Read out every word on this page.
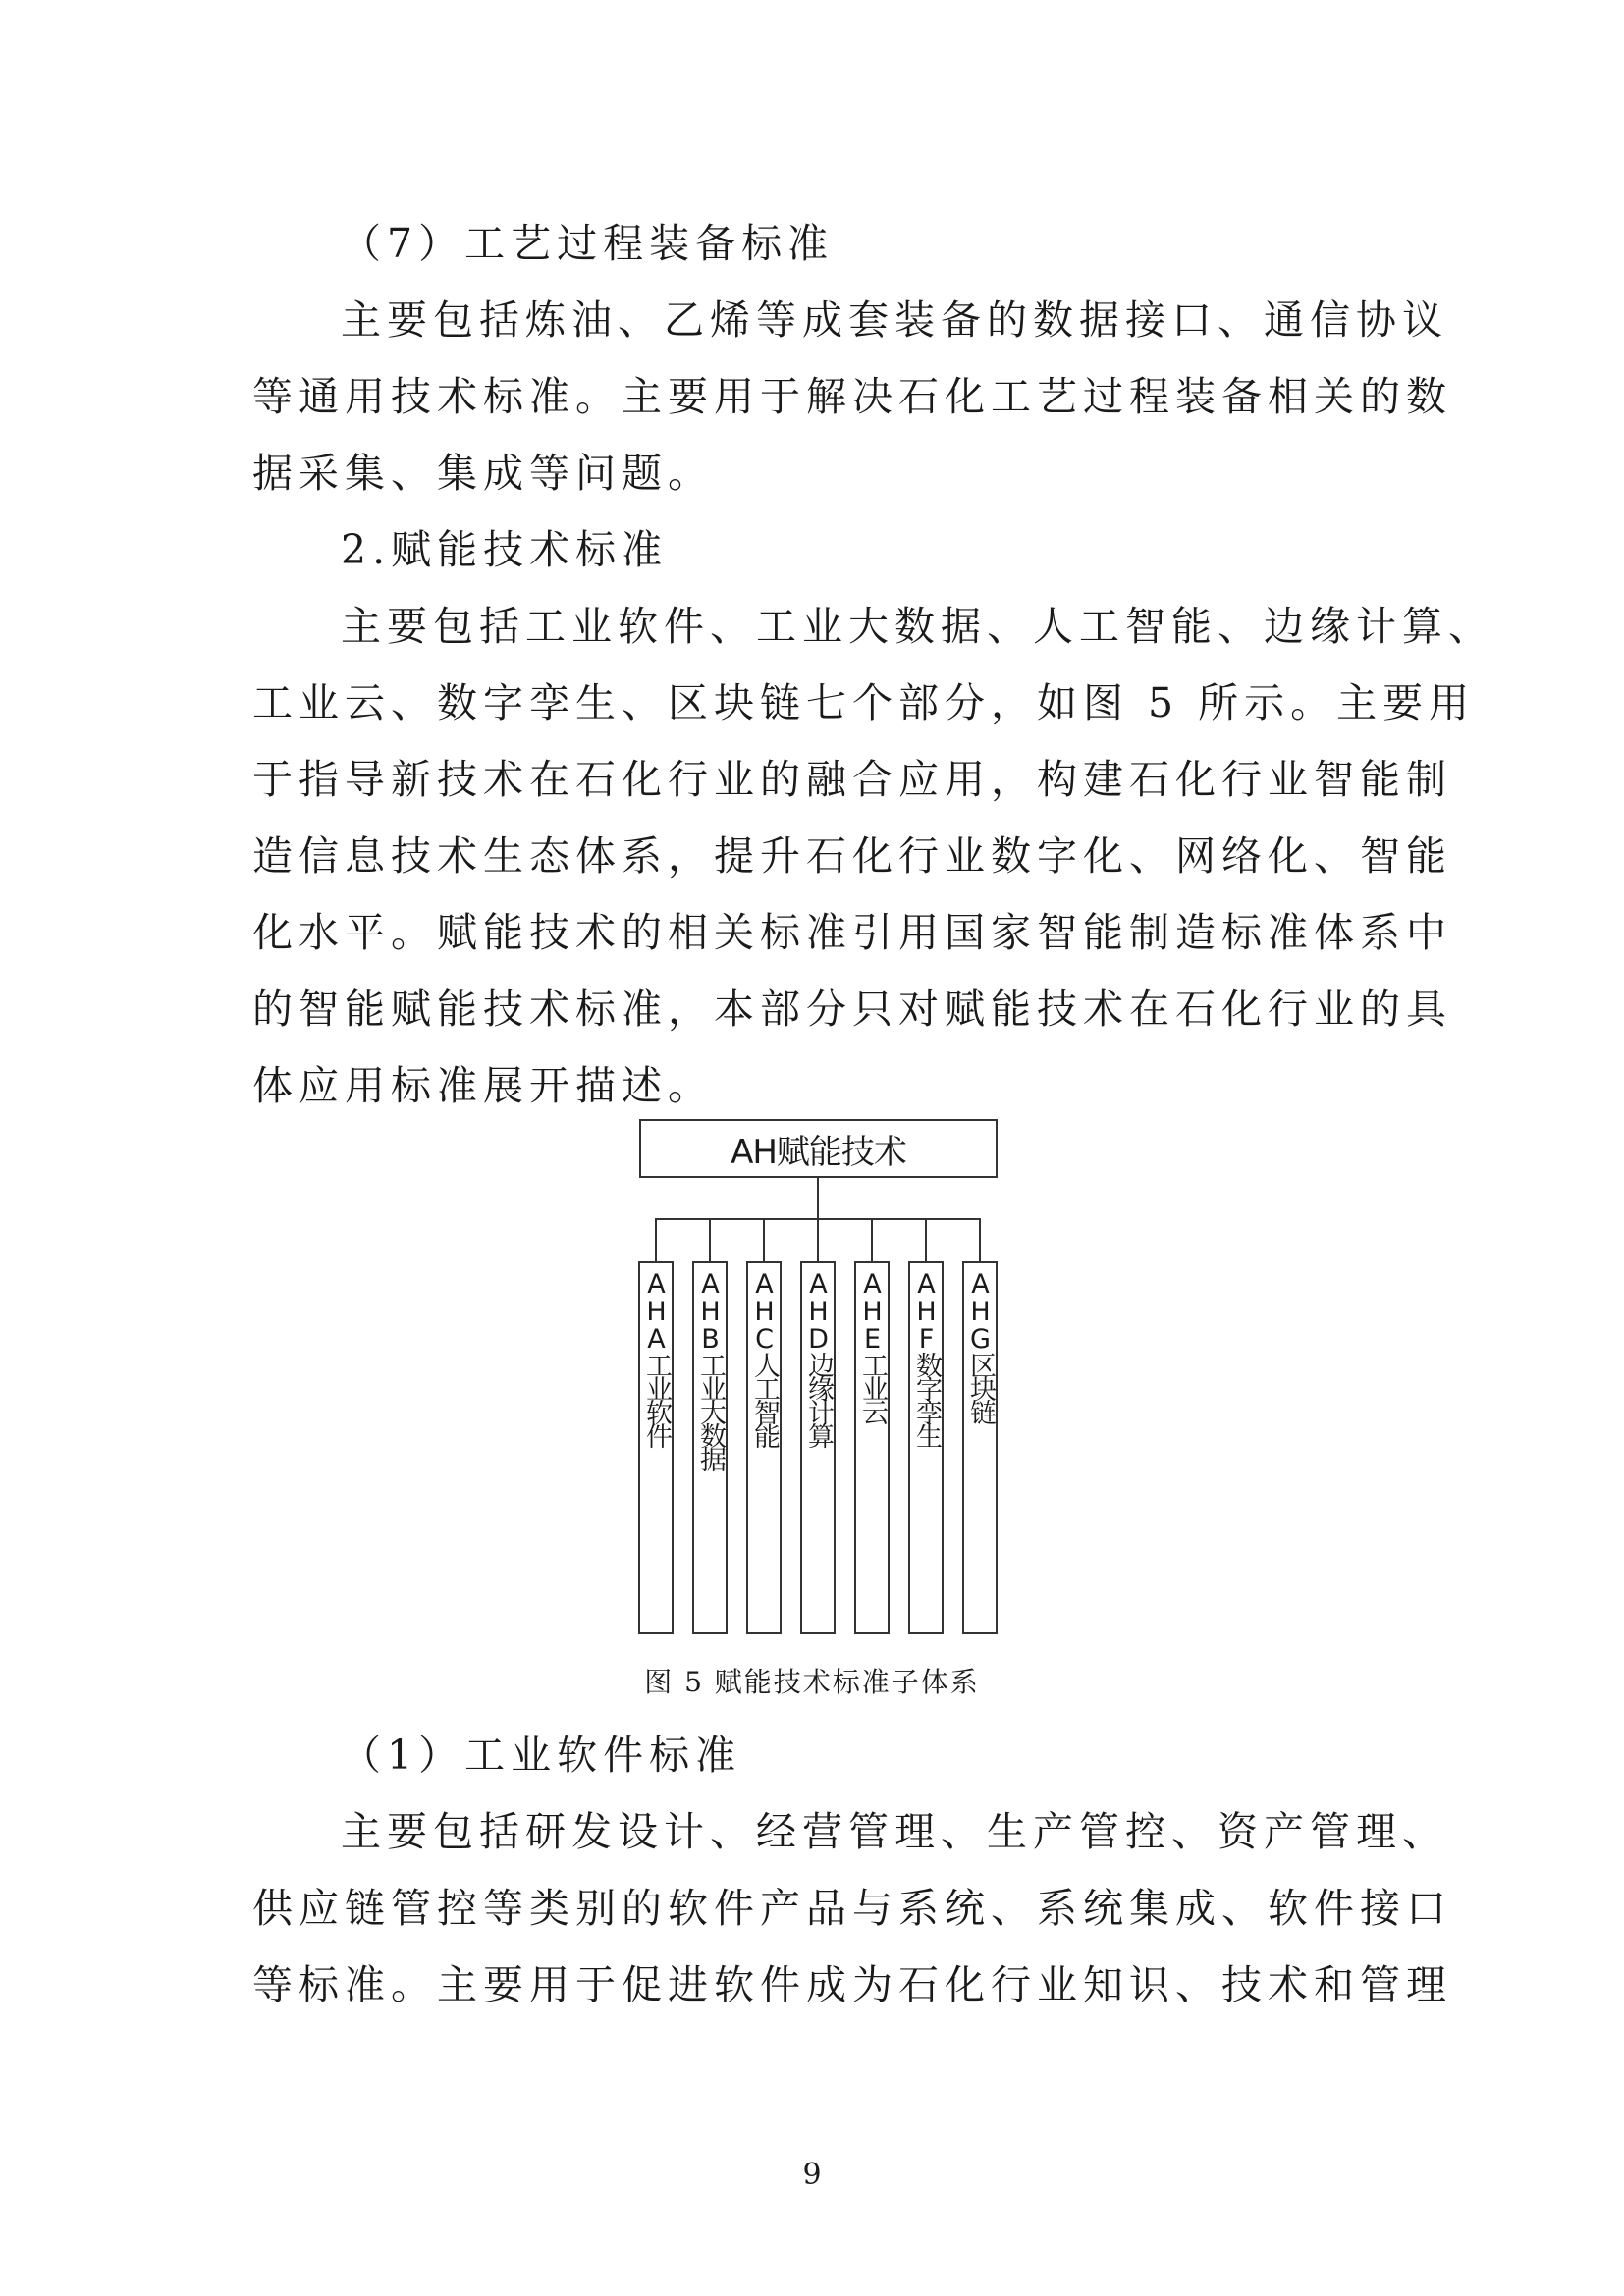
（7）工艺过程装备标准
主要包括炼油、乙烯等成套装备的数据接口、通信协议
等通用技术标准。主要用于解决石化工艺过程装备相关的数
据采集、集成等问题。
2.赋能技术标准
主要包括工业软件、工业大数据、人工智能、边缘计算、
工业云、数字孪生、区块链七个部分，如图 5 所示。主要用
于指导新技术在石化行业的融合应用，构建石化行业智能制
造信息技术生态体系，提升石化行业数字化、网络化、智能
化水平。赋能技术的相关标准引用国家智能制造标准体系中
的智能赋能技术标准，本部分只对赋能技术在石化行业的具
体应用标准展开描述。
AH赋能技术
AHA工业软件 AHB工业大数据 AHC人工智能 AHD边缘计算 AHE工业云 AHF数字孪生 AHG区块链
图 5 赋能技术标准子体系
（1）工业软件标准
主要包括研发设计、经营管理、生产管控、资产管理、
供应链管控等类别的软件产品与系统、系统集成、软件接口
等标准。主要用于促进软件成为石化行业知识、技术和管理
9
